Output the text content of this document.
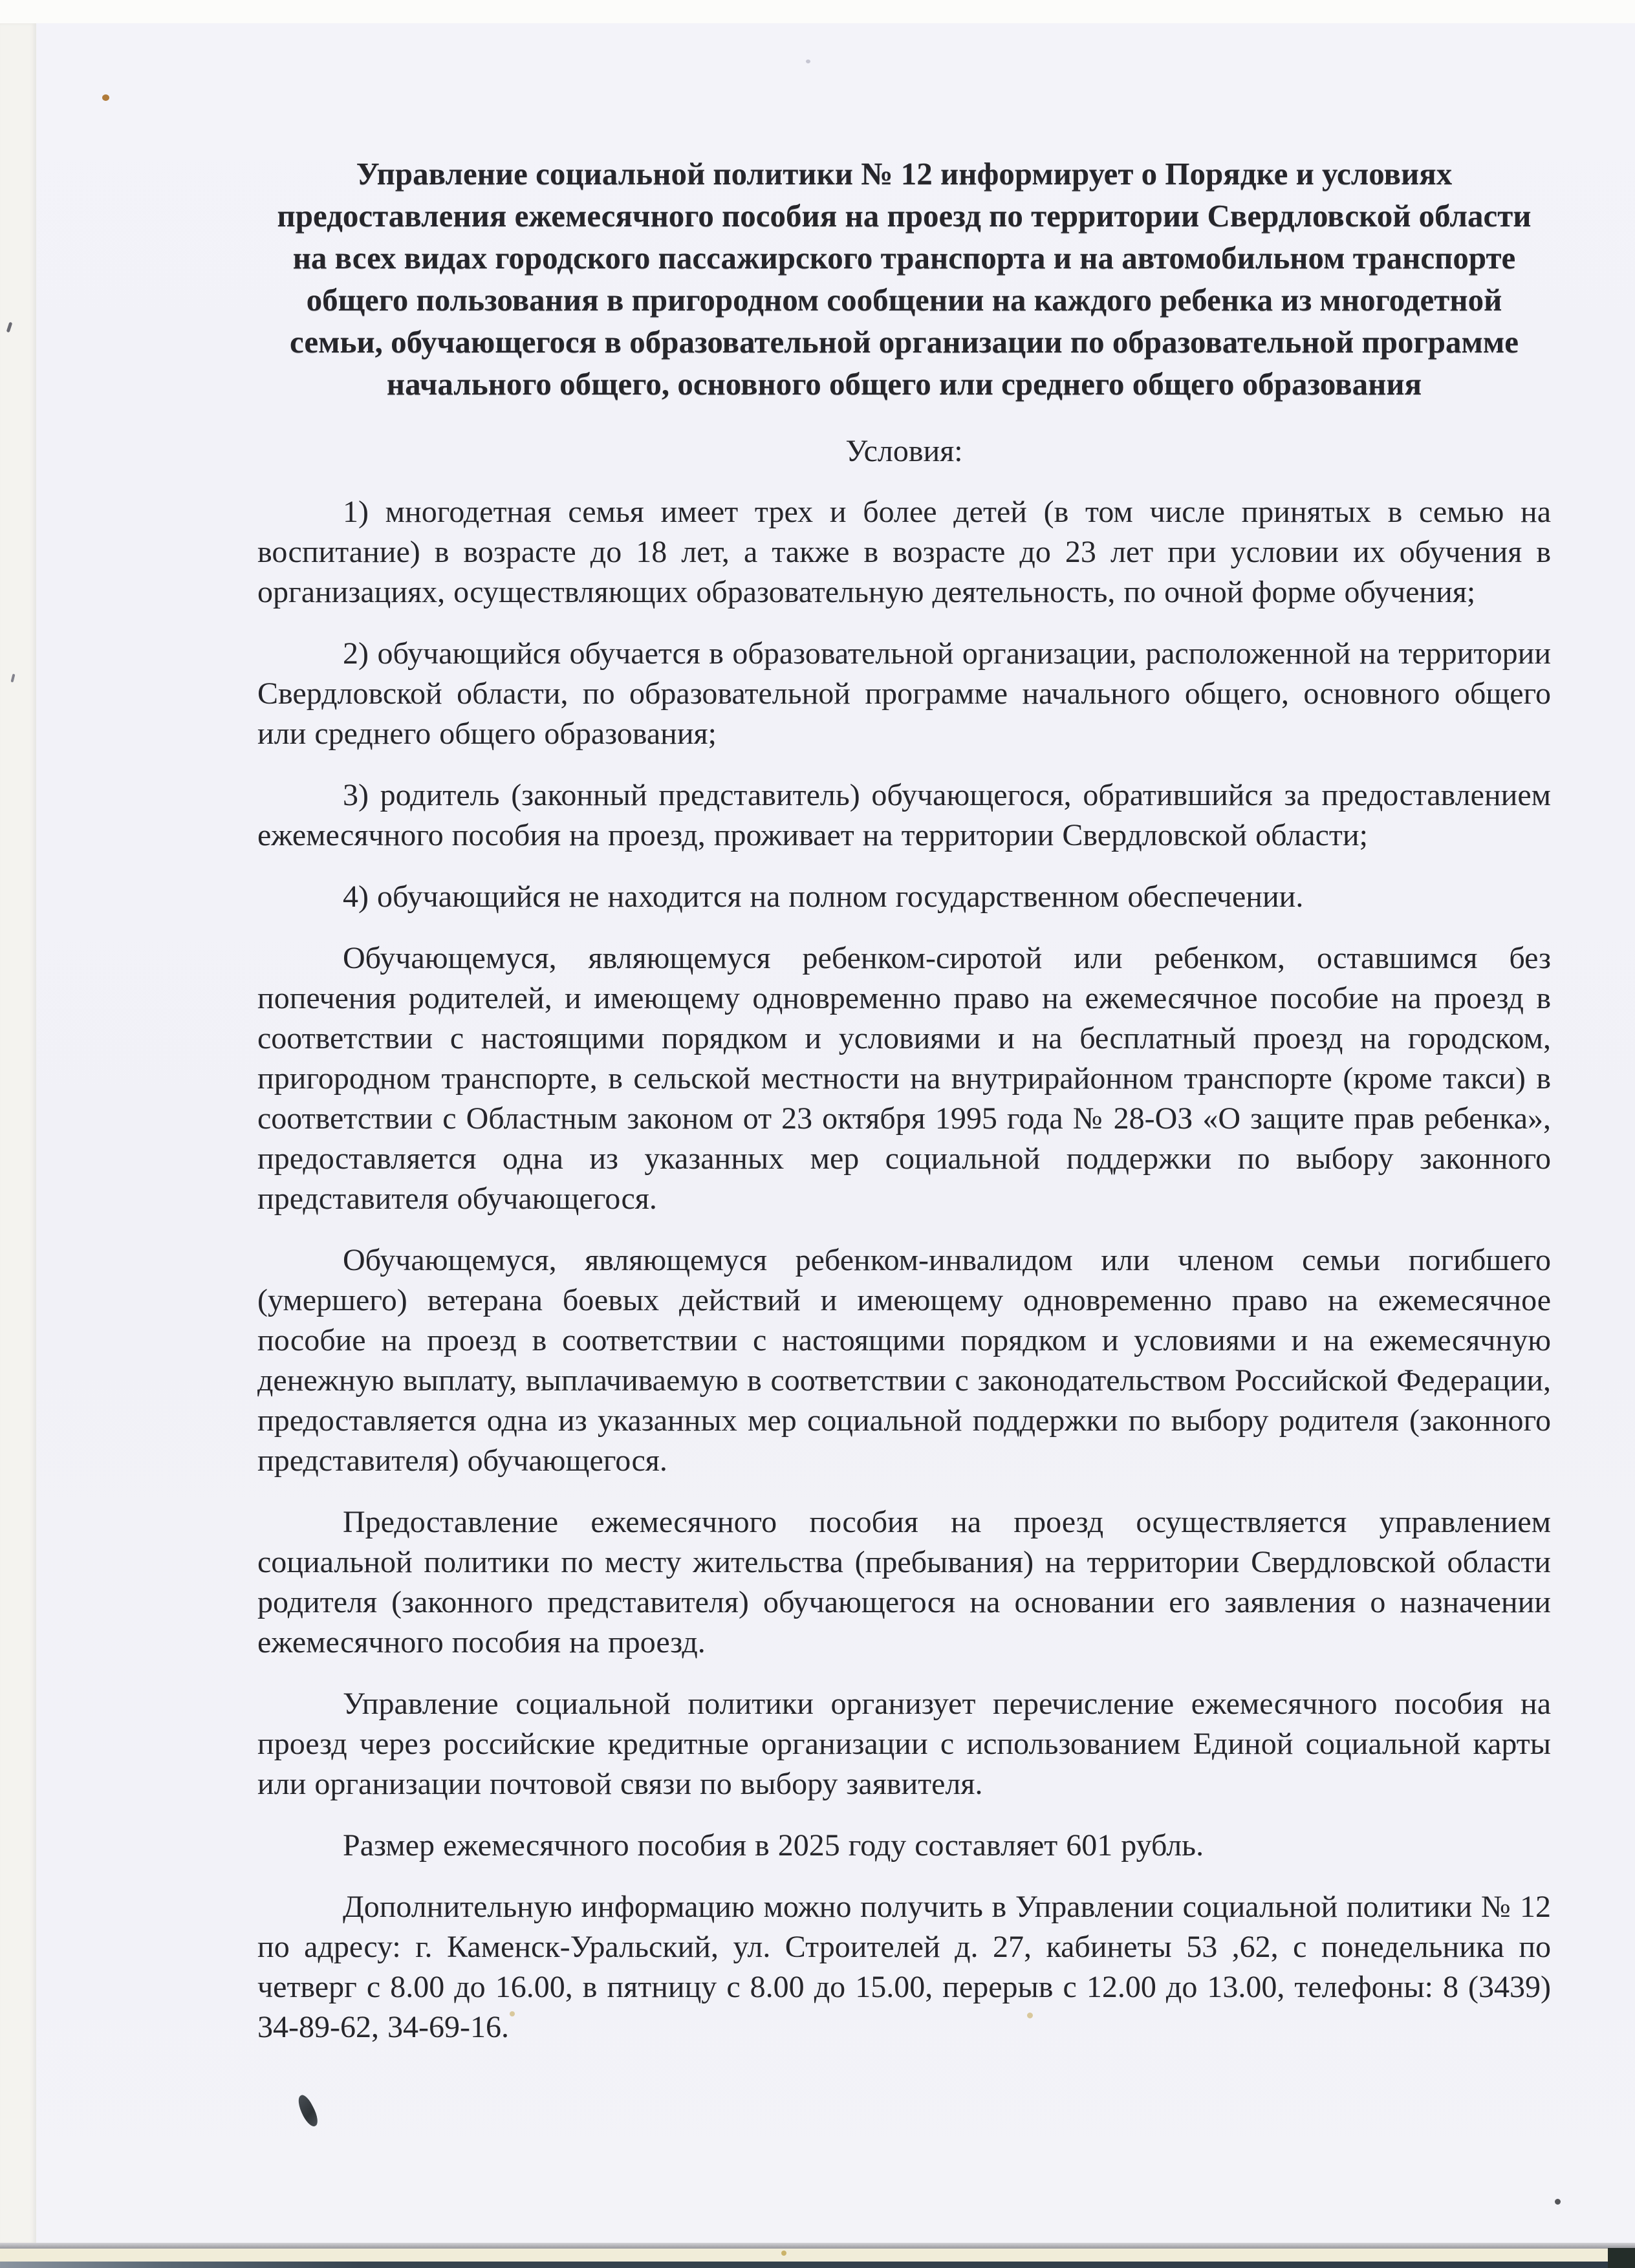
Управление социальной политики № 12 информирует о Порядке и условиях предоставления ежемесячного пособия на проезд по территории Свердловской области на всех видах городского пассажирского транспорта и на автомобильном транспорте общего пользования в пригородном сообщении на каждого ребенка из многодетной семьи, обучающегося в образовательной организации по образовательной программе начального общего, основного общего или среднего общего образования
Условия:

1) многодетная семья имеет трех и более детей (в том числе принятых в семью на воспитание) в возрасте до 18 лет, а также в возрасте до 23 лет при условии их обучения в организациях, осуществляющих образовательную деятельность, по очной форме обучения;

2) обучающийся обучается в образовательной организации, расположенной на территории Свердловской области, по образовательной программе начального общего, основного общего или среднего общего образования;

3) родитель (законный представитель) обучающегося, обратившийся за предоставлением ежемесячного пособия на проезд, проживает на территории Свердловской области;

4) обучающийся не находится на полном государственном обеспечении.

Обучающемуся, являющемуся ребенком-сиротой или ребенком, оставшимся без попечения родителей, и имеющему одновременно право на ежемесячное пособие на проезд в соответствии с настоящими порядком и условиями и на бесплатный проезд на городском, пригородном транспорте, в сельской местности на внутрирайонном транспорте (кроме такси) в соответствии с Областным законом от 23 октября 1995 года № 28-ОЗ «О защите прав ребенка», предоставляется одна из указанных мер социальной поддержки по выбору законного представителя обучающегося.

Обучающемуся, являющемуся ребенком-инвалидом или членом семьи погибшего (умершего) ветерана боевых действий и имеющему одновременно право на ежемесячное пособие на проезд в соответствии с настоящими порядком и условиями и на ежемесячную денежную выплату, выплачиваемую в соответствии с законодательством Российской Федерации, предоставляется одна из указанных мер социальной поддержки по выбору родителя (законного представителя) обучающегося.

Предоставление ежемесячного пособия на проезд осуществляется управлением социальной политики по месту жительства (пребывания) на территории Свердловской области родителя (законного представителя) обучающегося на основании его заявления о назначении ежемесячного пособия на проезд.

Управление социальной политики организует перечисление ежемесячного пособия на проезд через российские кредитные организации с использованием Единой социальной карты или организации почтовой связи по выбору заявителя.

Размер ежемесячного пособия в 2025 году составляет 601 рубль.

Дополнительную информацию можно получить в Управлении социальной политики № 12 по адресу: г. Каменск-Уральский, ул. Строителей д. 27, кабинеты 53 ,62, с понедельника по четверг с 8.00 до 16.00, в пятницу с 8.00 до 15.00, перерыв с 12.00 до 13.00, телефоны: 8 (3439) 34-89-62, 34-69-16.
